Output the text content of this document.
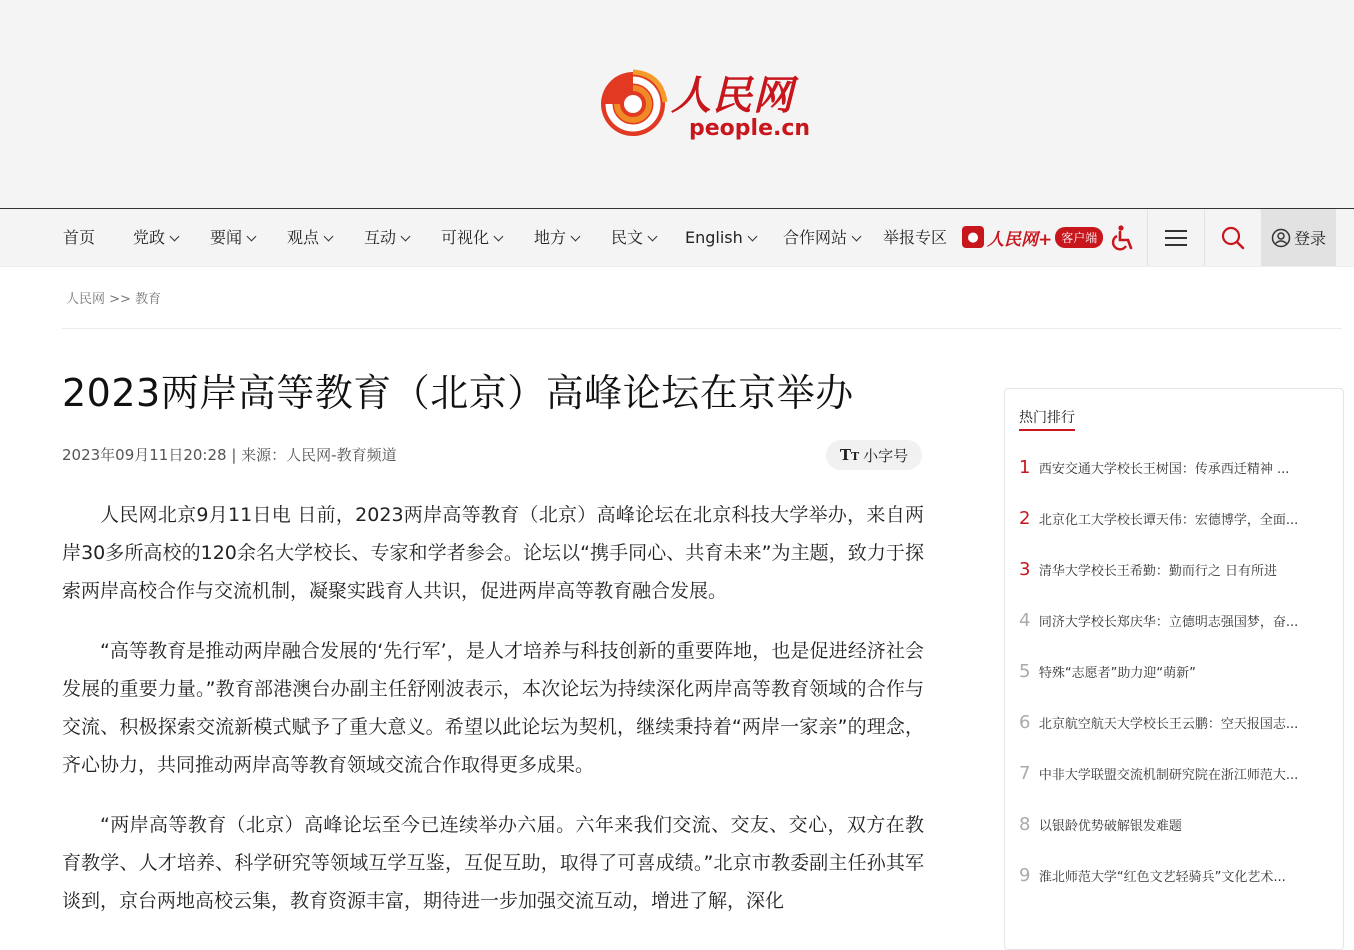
人民网
people.cn
首页 党政	要闻	观点	互动	可视化	地方	民文	English	合作网站	举报专区	● 人民网+ 客户端	登录
人民网 >> 教育
2023两岸高等教育（北京）高峰论坛在京举办
2023年09月11日20:28 | 来源：人民网-教育频道	TT 小字号

人民网北京9月11日电 日前，2023两岸高等教育（北京）高峰论坛在北京科技大学举办，来自两岸30多所高校的120余名大学校长、专家和学者参会。论坛以“携手同心、共育未来”为主题，致力于探索两岸高校合作与交流机制，凝聚实践育人共识，促进两岸高等教育融合发展。

“高等教育是推动两岸融合发展的‘先行军’，是人才培养与科技创新的重要阵地，也是促进经济社会发展的重要力量。”教育部港澳台办副主任舒刚波表示，本次论坛为持续深化两岸高等教育领域的合作与交流、积极探索交流新模式赋予了重大意义。希望以此论坛为契机，继续秉持着“两岸一家亲”的理念，齐心协力，共同推动两岸高等教育领域交流合作取得更多成果。

“两岸高等教育（北京）高峰论坛至今已连续举办六届。六年来我们交流、交友、交心，双方在教育教学、人才培养、科学研究等领域互学互鉴，互促互助，取得了可喜成绩。”北京市教委副主任孙其军谈到，京台两地高校云集，教育资源丰富，期待进一步加强交流互动，增进了解，深化

热门排行
1 西安交通大学校长王树国：传承西迁精神 ...
2 北京化工大学校长谭天伟：宏德博学，全面...
3 清华大学校长王希勤：勤而行之 日有所进
4 同济大学校长郑庆华：立德明志强国梦，奋...
5 特殊“志愿者”助力迎“萌新”
6 北京航空航天大学校长王云鹏：空天报国志...
7 中非大学联盟交流机制研究院在浙江师范大...
8 以银龄优势破解银发难题
9 淮北师范大学“红色文艺轻骑兵”文化艺术...
